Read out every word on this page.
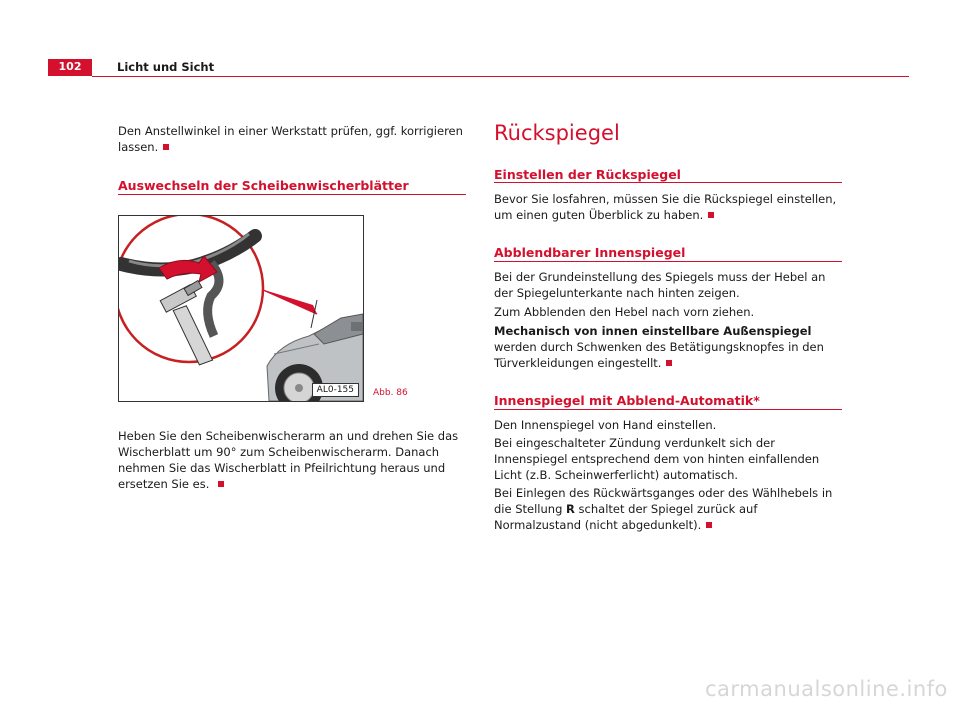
102	Licht und Sicht

Den Anstellwinkel in einer Werkstatt prüfen, ggf. korrigieren lassen.

Auswechseln der Scheibenwischerblätter
AL0-155	Abb. 86

Heben Sie den Scheibenwischerarm an und drehen Sie das Wischerblatt um 90° zum Scheibenwischerarm. Danach nehmen Sie das Wischerblatt in Pfeilrichtung heraus und ersetzen Sie es.

Rückspiegel
Einstellen der Rückspiegel

Bevor Sie losfahren, müssen Sie die Rückspiegel einstellen, um einen guten Überblick zu haben.

Abblendbarer Innenspiegel

Bei der Grundeinstellung des Spiegels muss der Hebel an der Spiegelunterkante nach hinten zeigen.

Zum Abblenden den Hebel nach vorn ziehen.

Mechanisch von innen einstellbare Außenspiegel werden durch Schwenken des Betätigungsknopfes in den Türverkleidungen eingestellt.

Innenspiegel mit Abblend-Automatik*

Den Innenspiegel von Hand einstellen.

Bei eingeschalteter Zündung verdunkelt sich der Innenspiegel entsprechend dem von hinten einfallenden Licht (z.B. Scheinwerferlicht) automatisch.

Bei Einlegen des Rückwärtsganges oder des Wählhebels in die Stellung R schaltet der Spiegel zurück auf Normalzustand (nicht abgedunkelt).

carmanualsonline.info
